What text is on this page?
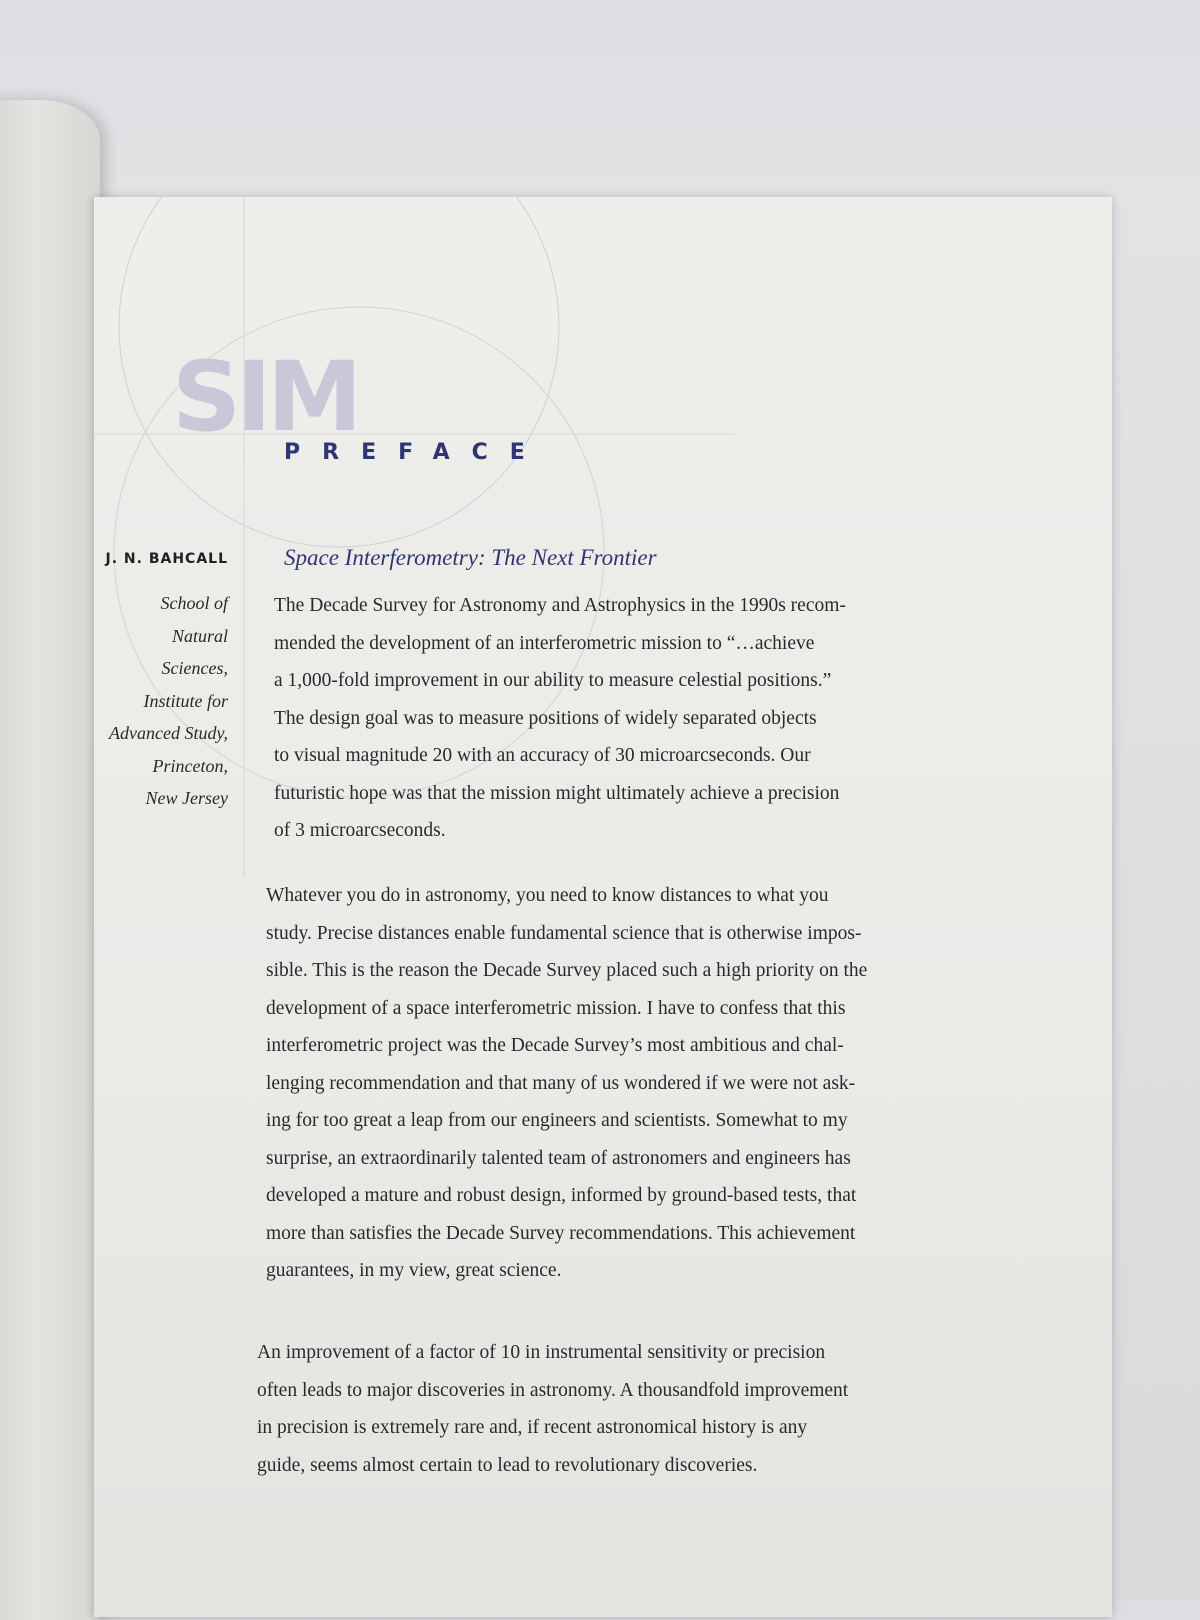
SIM
PREFACE
J. N. BAHCALL
School of
Natural
Sciences,
Institute for
Advanced Study,
Princeton,
New Jersey
Space Interferometry: The Next Frontier
The Decade Survey for Astronomy and Astrophysics in the 1990s recom-
mended the development of an interferometric mission to “…achieve
a 1,000-fold improvement in our ability to measure celestial positions.”
The design goal was to measure positions of widely separated objects
to visual magnitude 20 with an accuracy of 30 microarcseconds. Our
futuristic hope was that the mission might ultimately achieve a precision
of 3 microarcseconds.
Whatever you do in astronomy, you need to know distances to what you
study. Precise distances enable fundamental science that is otherwise impos-
sible. This is the reason the Decade Survey placed such a high priority on the
development of a space interferometric mission. I have to confess that this
interferometric project was the Decade Survey’s most ambitious and chal-
lenging recommendation and that many of us wondered if we were not ask-
ing for too great a leap from our engineers and scientists. Somewhat to my
surprise, an extraordinarily talented team of astronomers and engineers has
developed a mature and robust design, informed by ground-based tests, that
more than satisfies the Decade Survey recommendations. This achievement
guarantees, in my view, great science.
An improvement of a factor of 10 in instrumental sensitivity or precision
often leads to major discoveries in astronomy. A thousandfold improvement
in precision is extremely rare and, if recent astronomical history is any
guide, seems almost certain to lead to revolutionary discoveries.
